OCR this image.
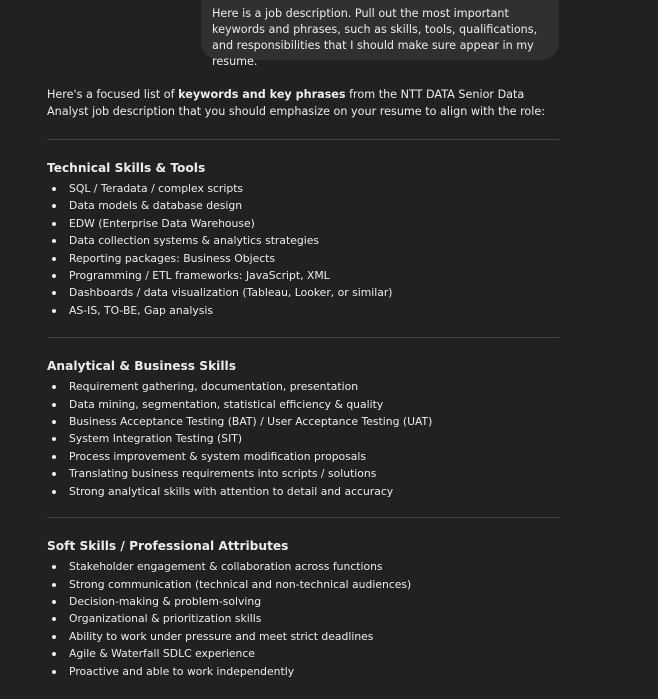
Here is a job description. Pull out the most important keywords and phrases, such as skills, tools, qualifications, and responsibilities that I should make sure appear in my resume.

Here's a focused list of keywords and key phrases from the NTT DATA Senior Data Analyst job description that you should emphasize on your resume to align with the role:

Technical Skills & Tools
SQL / Teradata / complex scripts
Data models & database design
EDW (Enterprise Data Warehouse)
Data collection systems & analytics strategies
Reporting packages: Business Objects
Programming / ETL frameworks: JavaScript, XML
Dashboards / data visualization (Tableau, Looker, or similar)
AS-IS, TO-BE, Gap analysis
Analytical & Business Skills
Requirement gathering, documentation, presentation
Data mining, segmentation, statistical efficiency & quality
Business Acceptance Testing (BAT) / User Acceptance Testing (UAT)
System Integration Testing (SIT)
Process improvement & system modification proposals
Translating business requirements into scripts / solutions
Strong analytical skills with attention to detail and accuracy
Soft Skills / Professional Attributes
Stakeholder engagement & collaboration across functions
Strong communication (technical and non-technical audiences)
Decision-making & problem-solving
Organizational & prioritization skills
Ability to work under pressure and meet strict deadlines
Agile & Waterfall SDLC experience
Proactive and able to work independently
